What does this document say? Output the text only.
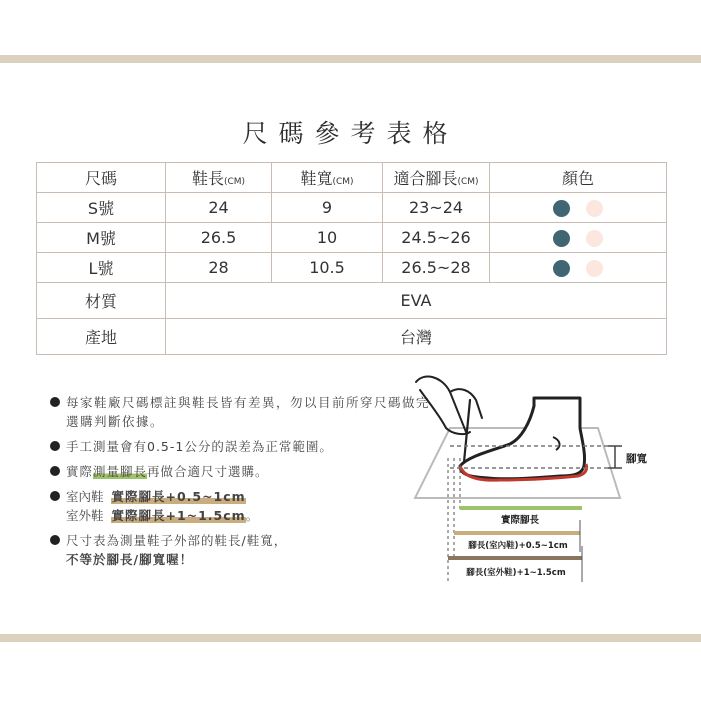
尺碼參考表格
尺碼	鞋長(CM)	鞋寬(CM)	適合腳長(CM)	顏色
S號	24	9	23~24	
M號	26.5	10	24.5~26	
L號	28	10.5	26.5~28	
材質	EVA			
產地	台灣			
每家鞋廠尺碼標註與鞋長皆有差異，勿以目前所穿尺碼做完選購判斷依據。
手工測量會有0.5-1公分的誤差為正常範圍。
實際測量腳長再做合適尺寸選購。
室內鞋 實際腳長+0.5~1cm
室外鞋 實際腳長+1~1.5cm。
尺寸表為測量鞋子外部的鞋長/鞋寬，
不等於腳長/腳寬喔！
腳寬
實際腳長
腳長(室內鞋)+0.5~1cm
腳長(室外鞋)+1~1.5cm
